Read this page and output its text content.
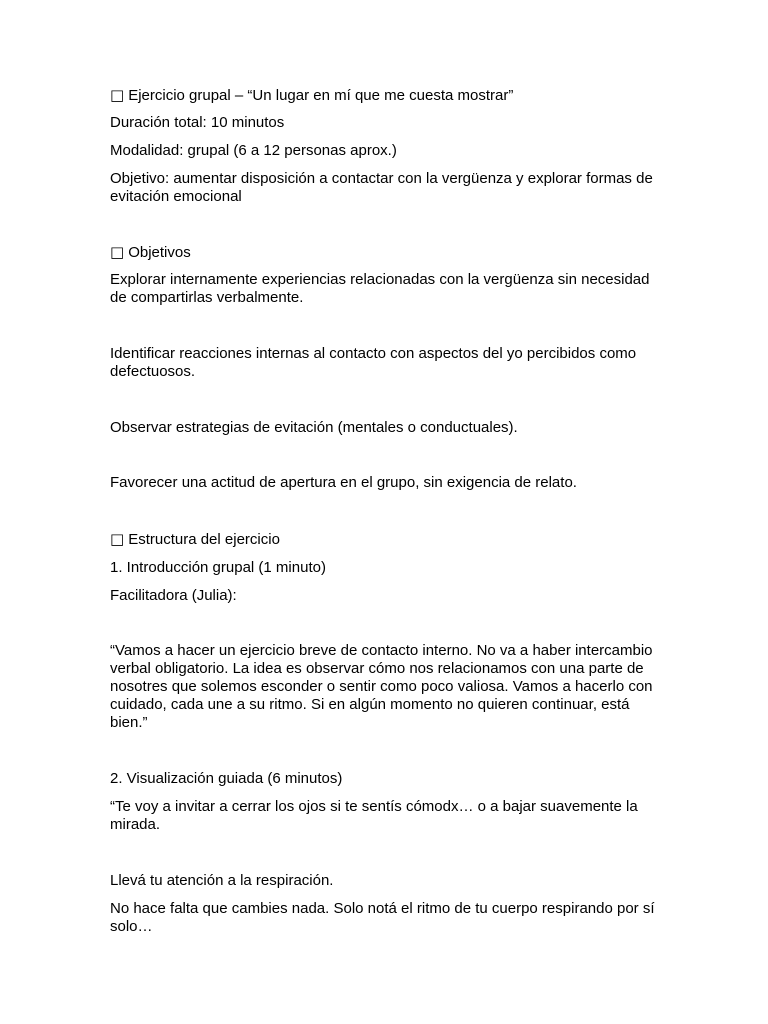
□ Ejercicio grupal – “Un lugar en mí que me cuesta mostrar”

Duración total: 10 minutos

Modalidad: grupal (6 a 12 personas aprox.)

Objetivo: aumentar disposición a contactar con la vergüenza y explorar formas de evitación emocional

□ Objetivos

Explorar internamente experiencias relacionadas con la vergüenza sin necesidad de compartirlas verbalmente.

Identificar reacciones internas al contacto con aspectos del yo percibidos como defectuosos.

Observar estrategias de evitación (mentales o conductuales).

Favorecer una actitud de apertura en el grupo, sin exigencia de relato.

□ Estructura del ejercicio

1. Introducción grupal (1 minuto)

Facilitadora (Julia):

“Vamos a hacer un ejercicio breve de contacto interno. No va a haber intercambio verbal obligatorio. La idea es observar cómo nos relacionamos con una parte de nosotres que solemos esconder o sentir como poco valiosa. Vamos a hacerlo con cuidado, cada une a su ritmo. Si en algún momento no quieren continuar, está bien.”

2. Visualización guiada (6 minutos)

“Te voy a invitar a cerrar los ojos si te sentís cómodx… o a bajar suavemente la mirada.

Llevá tu atención a la respiración.

No hace falta que cambies nada. Solo notá el ritmo de tu cuerpo respirando por sí solo…
